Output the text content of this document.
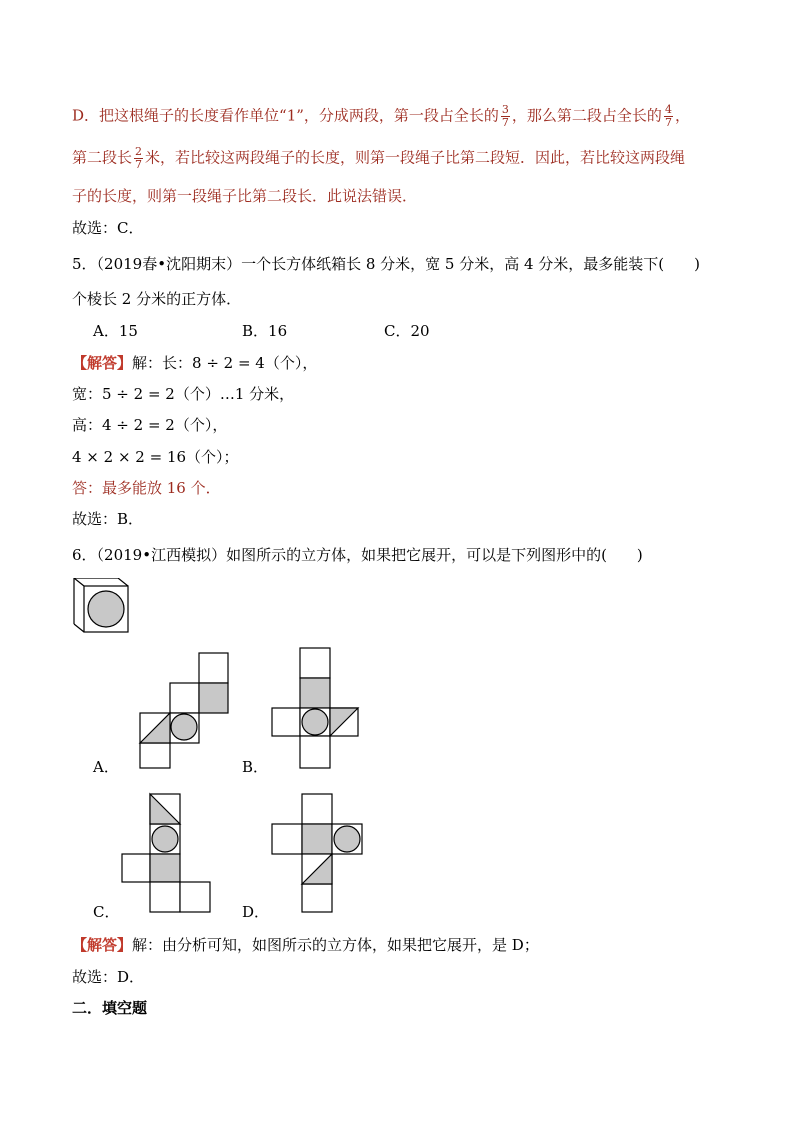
D．把这根绳子的长度看作单位“1”，分成两段，第一段占全长的 $\frac{3}{7}$ ，那么第二段占全长的 $\frac{4}{7}$ ，
第二段长 $\frac{2}{7}$ 米，若比较这两段绳子的长度，则第一段绳子比第二段短．因此，若比较这两段绳
子的长度，则第一段绳子比第二段长．此说法错误．
故选：C．
5．（2019春•沈阳期末）一个长方体纸箱长 8 分米，宽 5 分米，高 4 分米，最多能装下(　　)
个棱长 2 分米的正方体．
A．15	B．16	C．20
【解答】解：长：8 ÷ 2 = 4（个），
宽：5 ÷ 2 = 2（个）…1 分米，
高：4 ÷ 2 = 2（个），
4 × 2 × 2 = 16（个）；
答：最多能放 16 个．
故选：B．
6．（2019•江西模拟）如图所示的立方体，如果把它展开，可以是下列图形中的(　　)
A．	B．
C．	D．
【解答】解：由分析可知，如图所示的立方体，如果把它展开，是 D；
故选：D．
二．填空题
